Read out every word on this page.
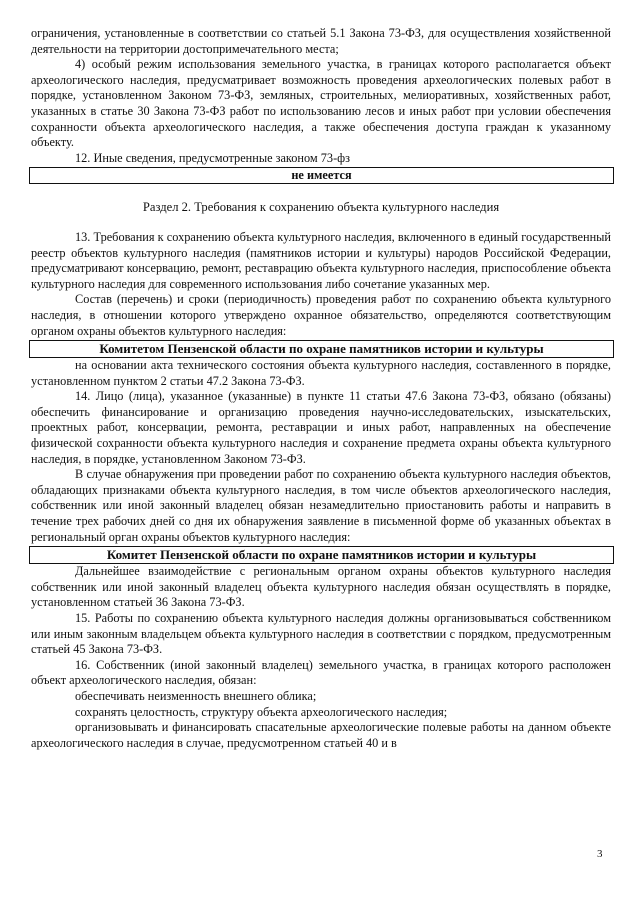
ограничения, установленные в соответствии со статьей 5.1 Закона 73-ФЗ, для осуществления хозяйственной деятельности на территории достопримечательного места;

4) особый режим использования земельного участка, в границах которого располагается объект археологического наследия, предусматривает возможность проведения археологических полевых работ в порядке, установленном Законом 73-ФЗ, земляных, строительных, мелиоративных, хозяйственных работ, указанных в статье 30 Закона 73-ФЗ работ по использованию лесов и иных работ при условии обеспечения сохранности объекта археологического наследия, а также обеспечения доступа граждан к указанному объекту.

12. Иные сведения, предусмотренные законом 73-фз

не имеется
Раздел 2. Требования к сохранению объекта культурного наследия

13. Требования к сохранению объекта культурного наследия, включенного в единый государственный реестр объектов культурного наследия (памятников истории и культуры) народов Российской Федерации, предусматривают консервацию, ремонт, реставрацию объекта культурного наследия, приспособление объекта культурного наследия для современного использования либо сочетание указанных мер.

Состав (перечень) и сроки (периодичность) проведения работ по сохранению объекта культурного наследия, в отношении которого утверждено охранное обязательство, определяются соответствующим органом охраны объектов культурного наследия:

Комитетом Пензенской области по охране памятников истории и культуры

на основании акта технического состояния объекта культурного наследия, составленного в порядке, установленном пунктом 2 статьи 47.2 Закона 73-ФЗ.

14. Лицо (лица), указанное (указанные) в пункте 11 статьи 47.6 Закона 73-ФЗ, обязано (обязаны) обеспечить финансирование и организацию проведения научно-исследовательских, изыскательских, проектных работ, консервации, ремонта, реставрации и иных работ, направленных на обеспечение физической сохранности объекта культурного наследия и сохранение предмета охраны объекта культурного наследия, в порядке, установленном Законом 73-ФЗ.

В случае обнаружения при проведении работ по сохранению объекта культурного наследия объектов, обладающих признаками объекта культурного наследия, в том числе объектов археологического наследия, собственник или иной законный владелец обязан незамедлительно приостановить работы и направить в течение трех рабочих дней со дня их обнаружения заявление в письменной форме об указанных объектах в региональный орган охраны объектов культурного наследия:

Комитет Пензенской области по охране памятников истории и культуры

Дальнейшее взаимодействие с региональным органом охраны объектов культурного наследия собственник или иной законный владелец объекта культурного наследия обязан осуществлять в порядке, установленном статьей 36 Закона 73-ФЗ.

15. Работы по сохранению объекта культурного наследия должны организовываться собственником или иным законным владельцем объекта культурного наследия в соответствии с порядком, предусмотренным статьей 45 Закона 73-ФЗ.

16. Собственник (иной законный владелец) земельного участка, в границах которого расположен объект археологического наследия, обязан:

обеспечивать неизменность внешнего облика;

сохранять целостность, структуру объекта археологического наследия;

организовывать и финансировать спасательные археологические полевые работы на данном объекте археологического наследия в случае, предусмотренном статьей 40 и в

3
